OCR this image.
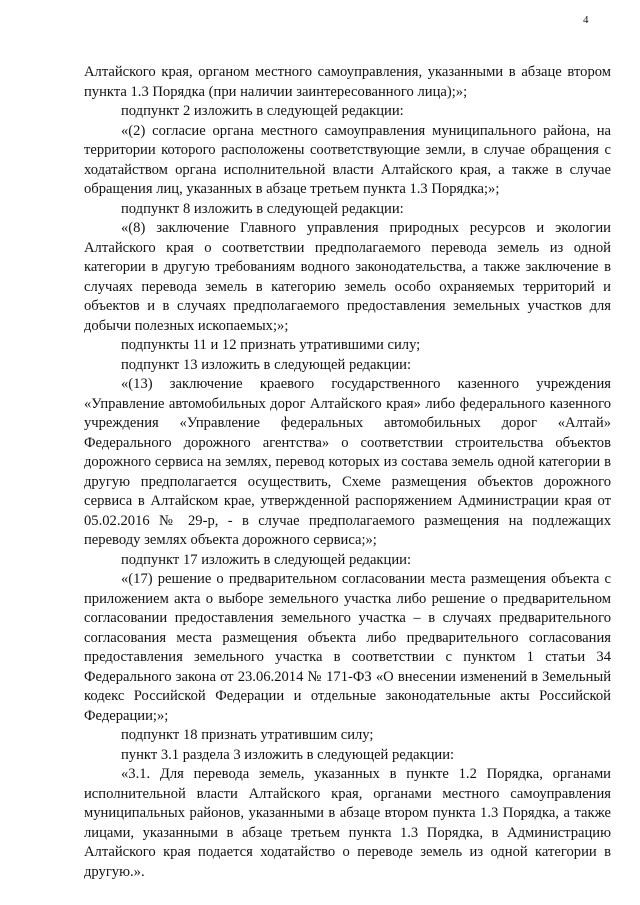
4

Алтайского края, органом местного самоуправления, указанными в абзаце втором пункта 1.3 Порядка (при наличии заинтересованного лица);»;

подпункт 2 изложить в следующей редакции:

«(2) согласие органа местного самоуправления муниципального района, на территории которого расположены соответствующие земли, в случае обращения с ходатайством органа исполнительной власти Алтайского края, а также в случае обращения лиц, указанных в абзаце третьем пункта 1.3 Порядка;»;

подпункт 8 изложить в следующей редакции:

«(8) заключение Главного управления природных ресурсов и экологии Алтайского края о соответствии предполагаемого перевода земель из одной категории в другую требованиям водного законодательства, а также заключение в случаях перевода земель в категорию земель особо охраняемых территорий и объектов и в случаях предполагаемого предоставления земельных участков для добычи полезных ископаемых;»;

подпункты 11 и 12 признать утратившими силу;

подпункт 13 изложить в следующей редакции:

«(13) заключение краевого государственного казенного учреждения «Управление автомобильных дорог Алтайского края» либо федерального казенного учреждения «Управление федеральных автомобильных дорог «Алтай» Федерального дорожного агентства» о соответствии строительства объектов дорожного сервиса на землях, перевод которых из состава земель одной категории в другую предполагается осуществить, Схеме размещения объектов дорожного сервиса в Алтайском крае, утвержденной распоряжением Администрации края от 05.02.2016 № 29-р, - в случае предполагаемого размещения на подлежащих переводу землях объекта дорожного сервиса;»;

подпункт 17 изложить в следующей редакции:

«(17) решение о предварительном согласовании места размещения объекта с приложением акта о выборе земельного участка либо решение о предварительном согласовании предоставления земельного участка – в случаях предварительного согласования места размещения объекта либо предварительного согласования предоставления земельного участка в соответствии с пунктом 1 статьи 34 Федерального закона от 23.06.2014 № 171-ФЗ «О внесении изменений в Земельный кодекс Российской Федерации и отдельные законодательные акты Российской Федерации;»;

подпункт 18 признать утратившим силу;

пункт 3.1 раздела 3 изложить в следующей редакции:

«3.1. Для перевода земель, указанных в пункте 1.2 Порядка, органами исполнительной власти Алтайского края, органами местного самоуправления муниципальных районов, указанными в абзаце втором пункта 1.3 Порядка, а также лицами, указанными в абзаце третьем пункта 1.3 Порядка, в Администрацию Алтайского края подается ходатайство о переводе земель из одной категории в другую.».
